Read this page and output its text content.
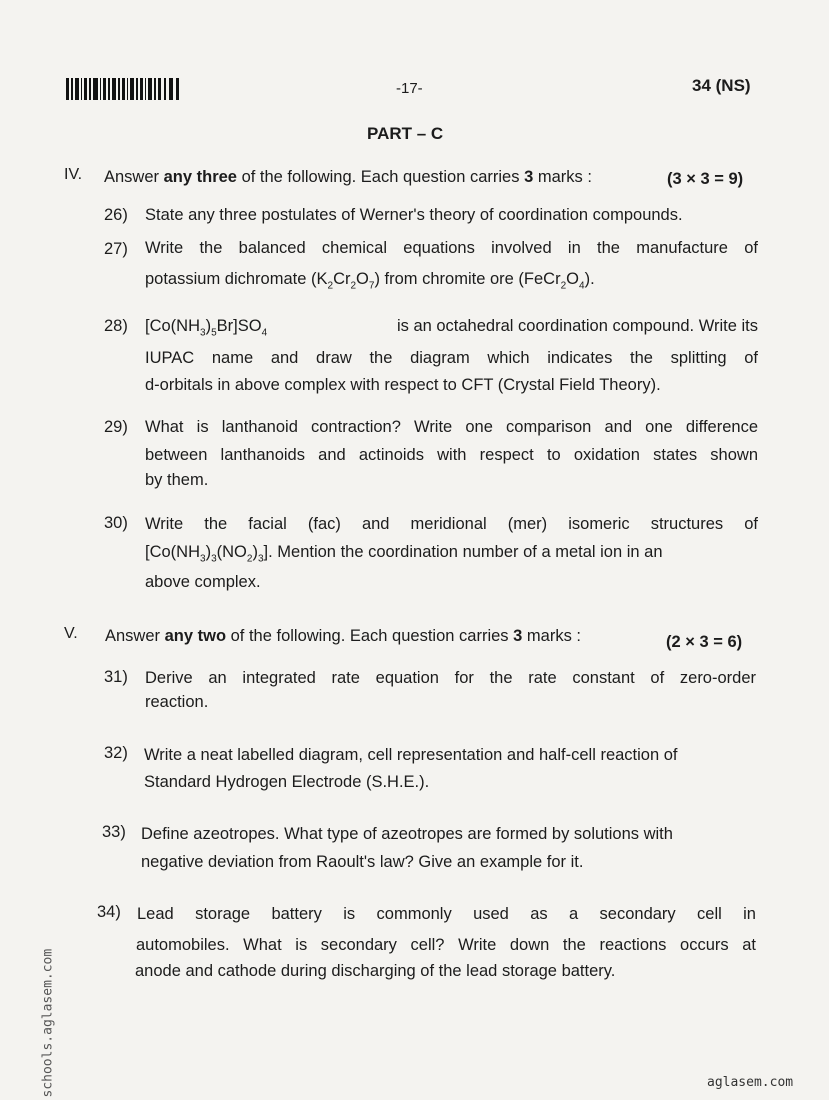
-17-	34 (NS)
PART – C
IV. Answer any three of the following. Each question carries 3 marks :	(3 × 3 = 9)
26) State any three postulates of Werner's theory of coordination compounds.
27) Write the balanced chemical equations involved in the manufacture of
potassium dichromate $(K_2Cr_2O_7)$ from chromite ore $(FeCr_2O_4)$.
28) $[Co(NH_3)_5Br]SO_4$	is an octahedral coordination compound. Write its
IUPAC name and draw the diagram which indicates the splitting of
d-orbitals in above complex with respect to CFT (Crystal Field Theory).
29) What is lanthanoid contraction? Write one comparison and one difference
between lanthanoids and actinoids with respect to oxidation states shown
by them.
30) Write the facial (fac) and meridional (mer) isomeric structures of
$[Co(NH_3)_3(NO_2)_3]$. Mention the coordination number of a metal ion in an
above complex.
V. Answer any two of the following. Each question carries 3 marks :	(2 × 3 = 6)
31) Derive an integrated rate equation for the rate constant of zero-order
reaction.
32) Write a neat labelled diagram, cell representation and half-cell reaction of
Standard Hydrogen Electrode (S.H.E.).
33) Define azeotropes. What type of azeotropes are formed by solutions with
negative deviation from Raoult's law? Give an example for it.
34) Lead storage battery is commonly used as a secondary cell in
automobiles. What is secondary cell? Write down the reactions occurs at
anode and cathode during discharging of the lead storage battery.
schools.aglasem.com	aglasem.com
